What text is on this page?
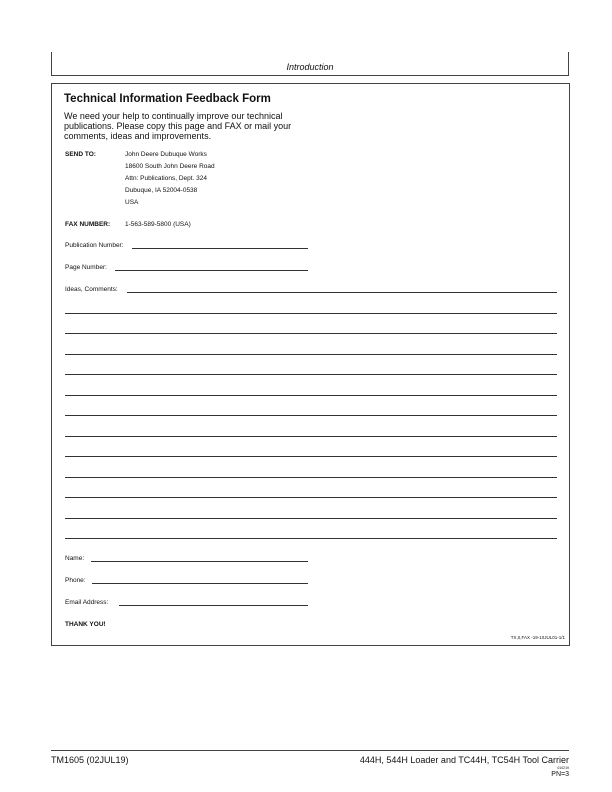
Introduction
Technical Information Feedback Form
We need your help to continually improve our technical
publications. Please copy this page and FAX or mail your
comments, ideas and improvements.
SEND TO:	John Deere Dubuque Works
18600 South John Deere Road
Attn: Publications, Dept. 324
Dubuque, IA 52004-0538
USA
FAX NUMBER: 1-563-589-5800 (USA)
Publication Number:
Page Number:
Ideas, Comments:
Name:
Phone:
Email Address:
THANK YOU!
TX,II,FAX -19-10JUL01-1/1
TM1605 (02JUL19)	444H, 544H Loader and TC44H, TC54H Tool Carrier
010219
PN=3
